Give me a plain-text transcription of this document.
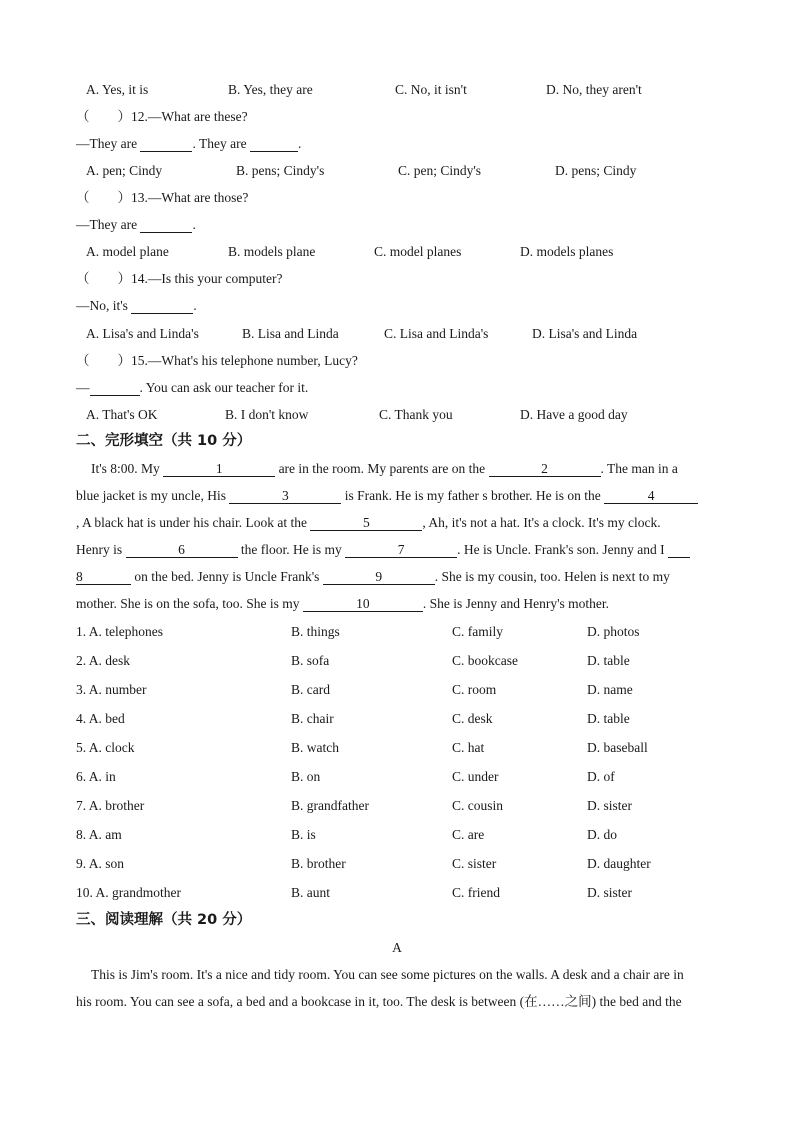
A. Yes, it is	B. Yes, they are	C. No, it isn't	D. No, they aren't
（ ）12.—What are these?
—They are	. They are	.
A. pen; Cindy	B. pens; Cindy's	C. pen; Cindy's	D. pens; Cindy
（ ）13.—What are those?
—They are	.
A. model plane	B. models plane	C. model planes	D. models planes
（ ）14.—Is this your computer?
—No, it's	.
A. Lisa's and Linda's	B. Lisa and Linda	C. Lisa and Linda's	D. Lisa's and Linda
（ ）15.—What's his telephone number, Lucy?
—	. You can ask our teacher for it.
A. That's OK	B. I don't know	C. Thank you	D. Have a good day
二、完形填空（共 10 分）
It's 8:00. My	1	are in the room. My parents are on the	2	. The man in a
blue jacket is my uncle, His	3	is Frank. He is my father s brother. He is on the	4
, A black hat is under his chair. Look at the	5	, Ah, it's not a hat. It's a clock. It's my clock.
Henry is	6	the floor. He is my	7	. He is Uncle. Frank's son. Jenny and I
8	on the bed. Jenny is Uncle Frank's	9	. She is my cousin, too. Helen is next to my
mother. She is on the sofa, too. She is my	10	. She is Jenny and Henry's mother.
1. A. telephones	B. things	C. family	D. photos
2. A. desk	B. sofa	C. bookcase	D. table
3. A. number	B. card	C. room	D. name
4. A. bed	B. chair	C. desk	D. table
5. A. clock	B. watch	C. hat	D. baseball
6. A. in	B. on	C. under	D. of
7. A. brother	B. grandfather	C. cousin	D. sister
8. A. am	B. is	C. are	D. do
9. A. son	B. brother	C. sister	D. daughter
10. A. grandmother	B. aunt	C. friend	D. sister
三、阅读理解（共 20 分）
A
This is Jim's room. It's a nice and tidy room. You can see some pictures on the walls. A desk and a chair are in
his room. You can see a sofa, a bed and a bookcase in it, too. The desk is between (在……之间) the bed and the
